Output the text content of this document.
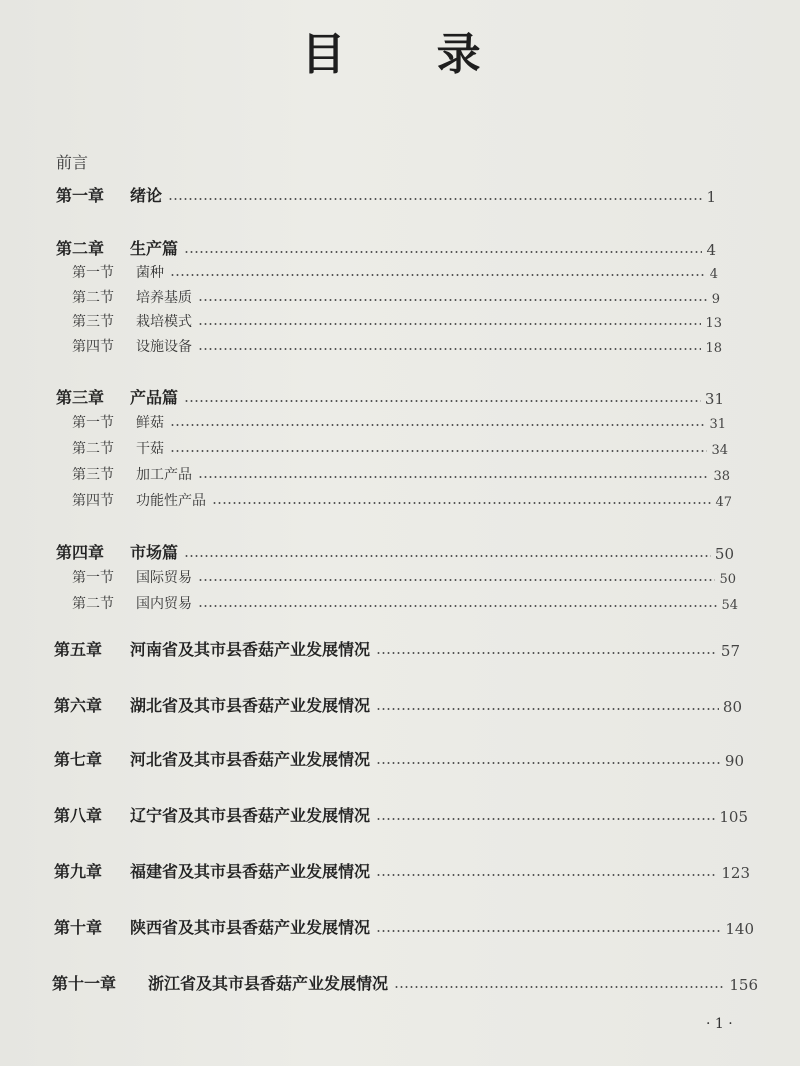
目 录
前言
第一章	绪论	1
第二章	生产篇	4
第一节	菌种	4
第二节	培养基质	9
第三节	栽培模式	13
第四节	设施设备	18
第三章	产品篇	31
第一节	鲜菇	31
第二节	干菇	34
第三节	加工产品	38
第四节	功能性产品	47
第四章	市场篇	50
第一节	国际贸易	50
第二节	国内贸易	54
第五章	河南省及其市县香菇产业发展情况	57
第六章	湖北省及其市县香菇产业发展情况	80
第七章	河北省及其市县香菇产业发展情况	90
第八章	辽宁省及其市县香菇产业发展情况	105
第九章	福建省及其市县香菇产业发展情况	123
第十章	陕西省及其市县香菇产业发展情况	140
第十一章	浙江省及其市县香菇产业发展情况	156
· 1 ·
